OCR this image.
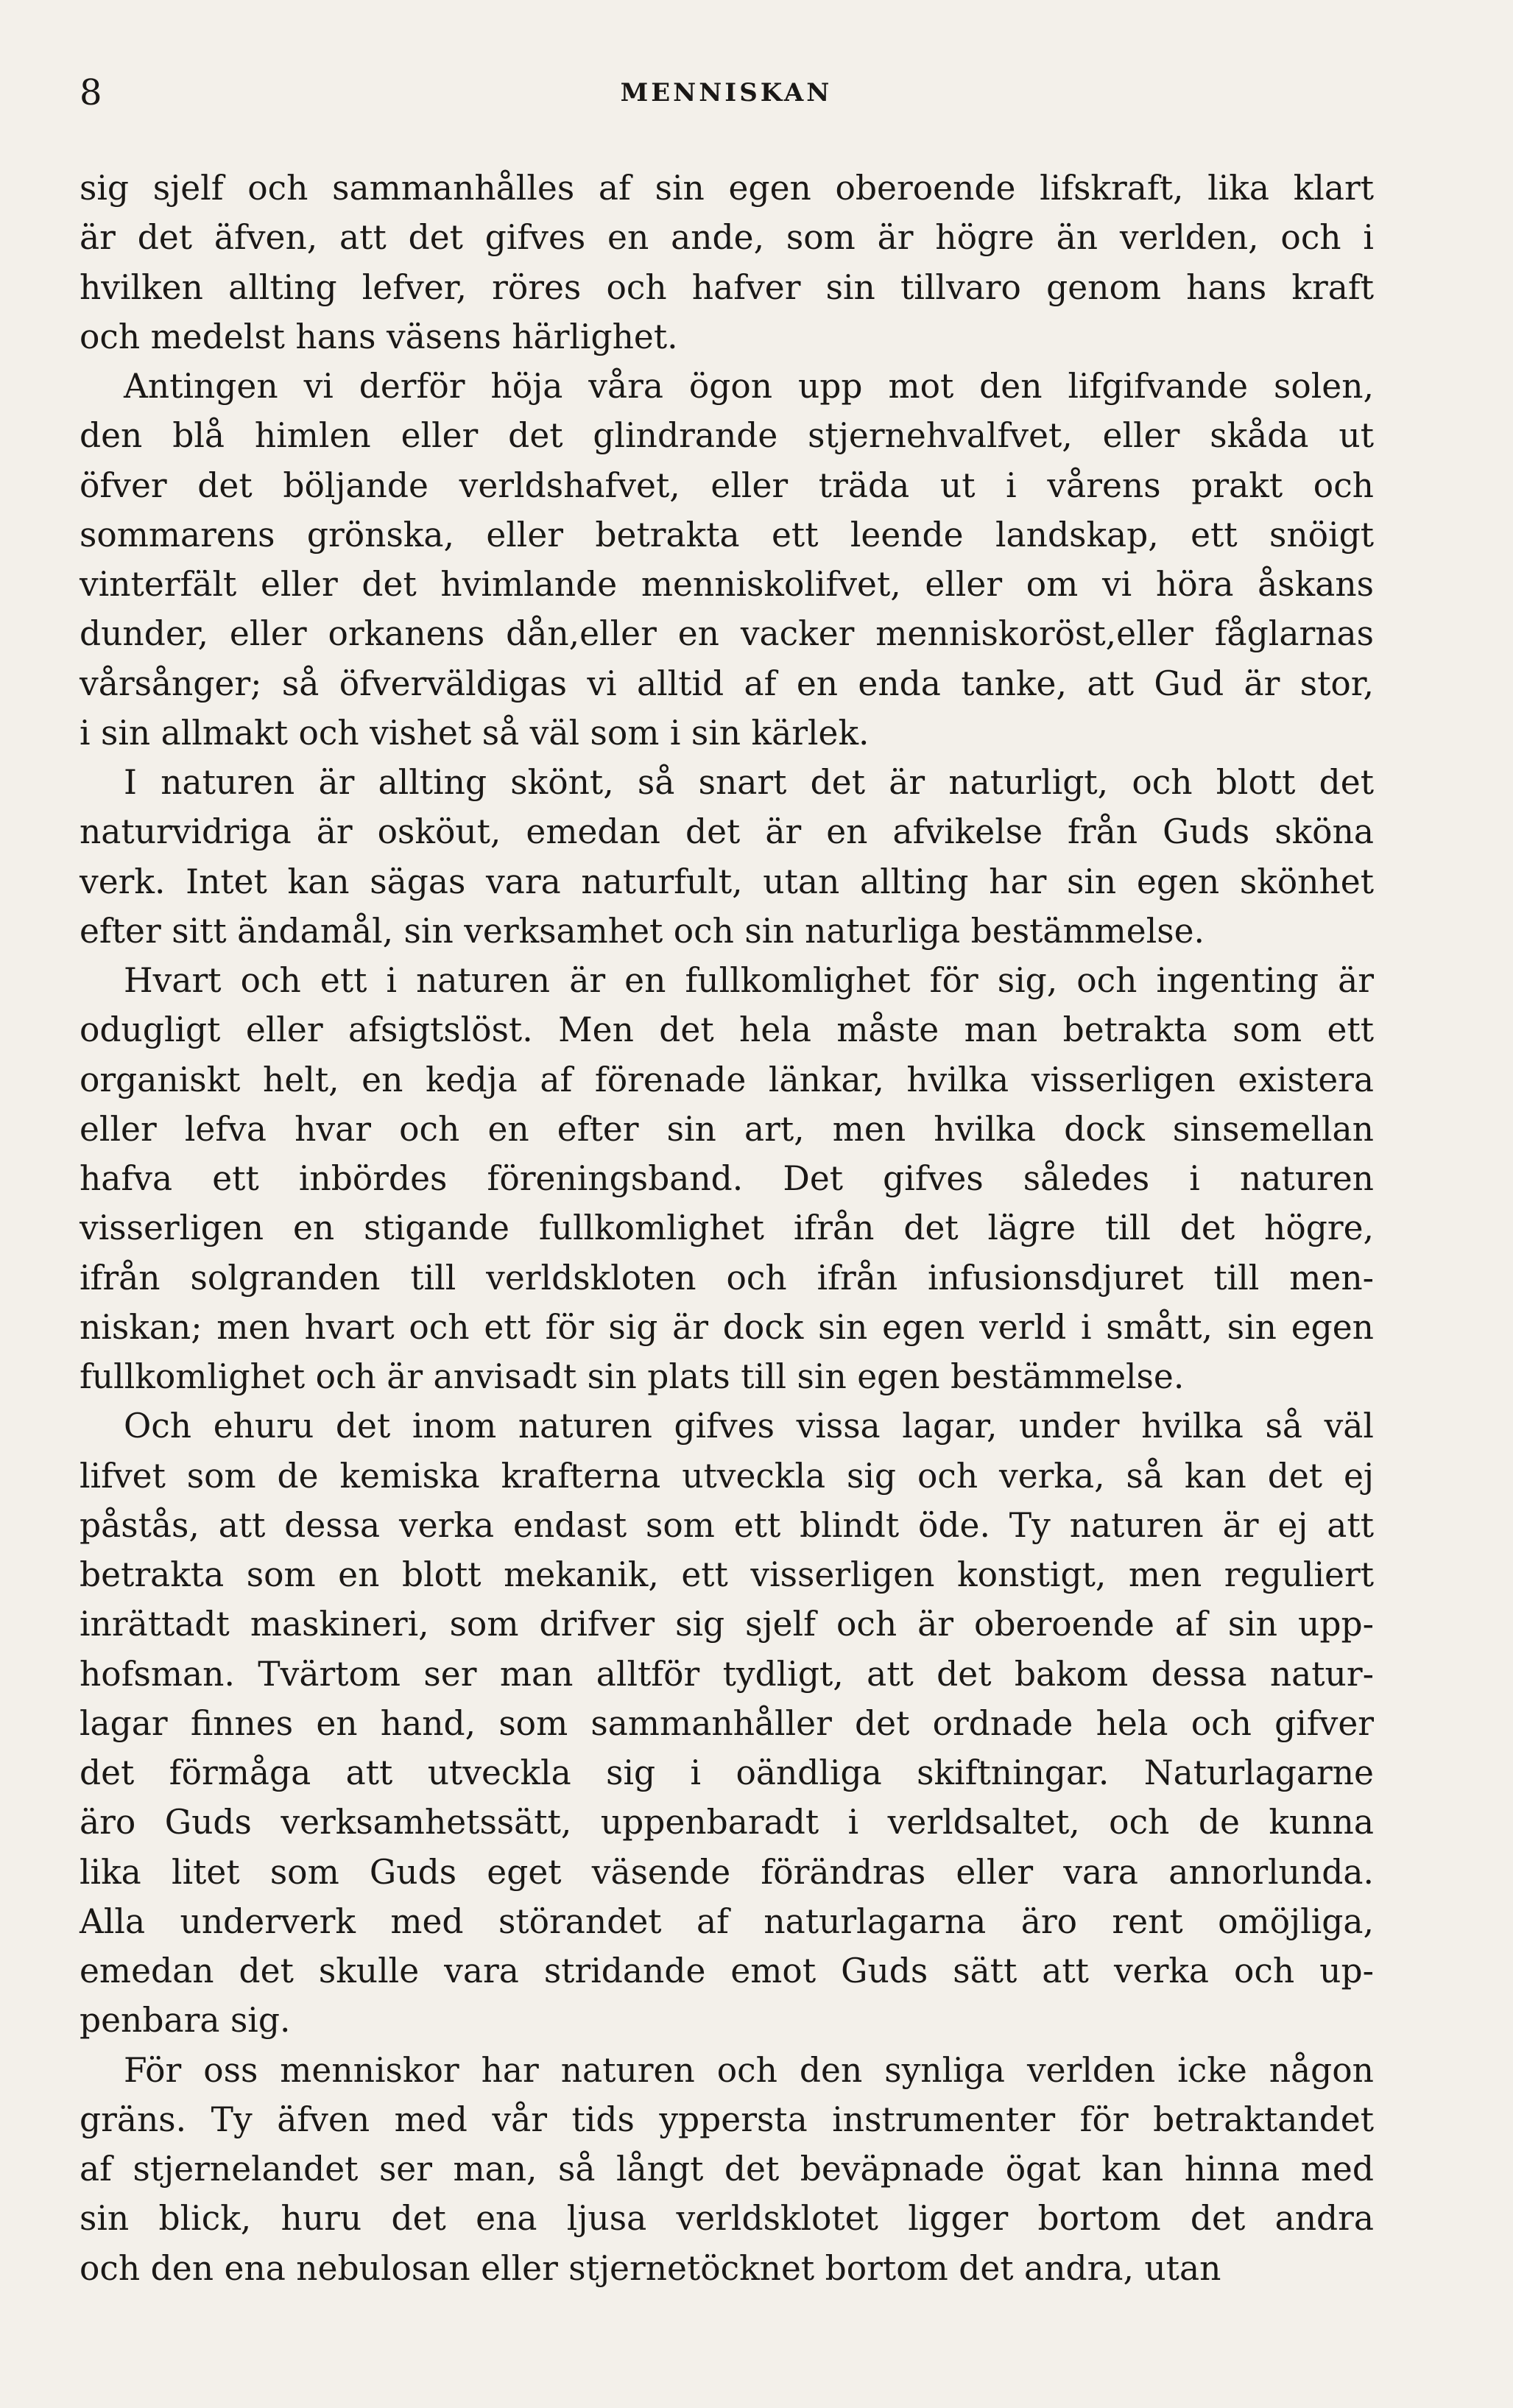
8	MENNISKAN
sig sjelf och sammanhålles af sin egen oberoende lifskraft, lika klart
är det äfven, att det gifves en ande, som är högre än verlden, och i
hvilken allting lefver, röres och hafver sin tillvaro genom hans kraft
och medelst hans väsens härlighet.
Antingen vi derför höja våra ögon upp mot den lifgifvande solen,
den blå himlen eller det glindrande stjernehvalfvet, eller skåda ut
öfver det böljande verldshafvet, eller träda ut i vårens prakt och
sommarens grönska, eller betrakta ett leende landskap, ett snöigt
vinterfält eller det hvimlande menniskolifvet, eller om vi höra åskans
dunder, eller orkanens dån,eller en vacker menniskoröst,eller fåglarnas
vårsånger; så öfverväldigas vi alltid af en enda tanke, att Gud är stor,
i sin allmakt och vishet så väl som i sin kärlek.
I naturen är allting skönt, så snart det är naturligt, och blott det
naturvidriga är osköut, emedan det är en afvikelse från Guds sköna
verk. Intet kan sägas vara naturfult, utan allting har sin egen skönhet
efter sitt ändamål, sin verksamhet och sin naturliga bestämmelse.
Hvart och ett i naturen är en fullkomlighet för sig, och ingenting är
odugligt eller afsigtslöst. Men det hela måste man betrakta som ett
organiskt helt, en kedja af förenade länkar, hvilka visserligen existera
eller lefva hvar och en efter sin art, men hvilka dock sinsemellan
hafva ett inbördes föreningsband. Det gifves således i naturen
visserligen en stigande fullkomlighet ifrån det lägre till det högre,
ifrån solgranden till verldskloten och ifrån infusionsdjuret till men-
niskan; men hvart och ett för sig är dock sin egen verld i smått, sin egen
fullkomlighet och är anvisadt sin plats till sin egen bestämmelse.
Och ehuru det inom naturen gifves vissa lagar, under hvilka så väl
lifvet som de kemiska krafterna utveckla sig och verka, så kan det ej
påstås, att dessa verka endast som ett blindt öde. Ty naturen är ej att
betrakta som en blott mekanik, ett visserligen konstigt, men reguliert
inrättadt maskineri, som drifver sig sjelf och är oberoende af sin upp-
hofsman. Tvärtom ser man alltför tydligt, att det bakom dessa natur-
lagar finnes en hand, som sammanhåller det ordnade hela och gifver
det förmåga att utveckla sig i oändliga skiftningar. Naturlagarne
äro Guds verksamhetssätt, uppenbaradt i verldsaltet, och de kunna
lika litet som Guds eget väsende förändras eller vara annorlunda.
Alla underverk med störandet af naturlagarna äro rent omöjliga,
emedan det skulle vara stridande emot Guds sätt att verka och up-
penbara sig.
För oss menniskor har naturen och den synliga verlden icke någon
gräns. Ty äfven med vår tids yppersta instrumenter för betraktandet
af stjernelandet ser man, så långt det beväpnade ögat kan hinna med
sin blick, huru det ena ljusa verldsklotet ligger bortom det andra
och den ena nebulosan eller stjernetöcknet bortom det andra, utan
